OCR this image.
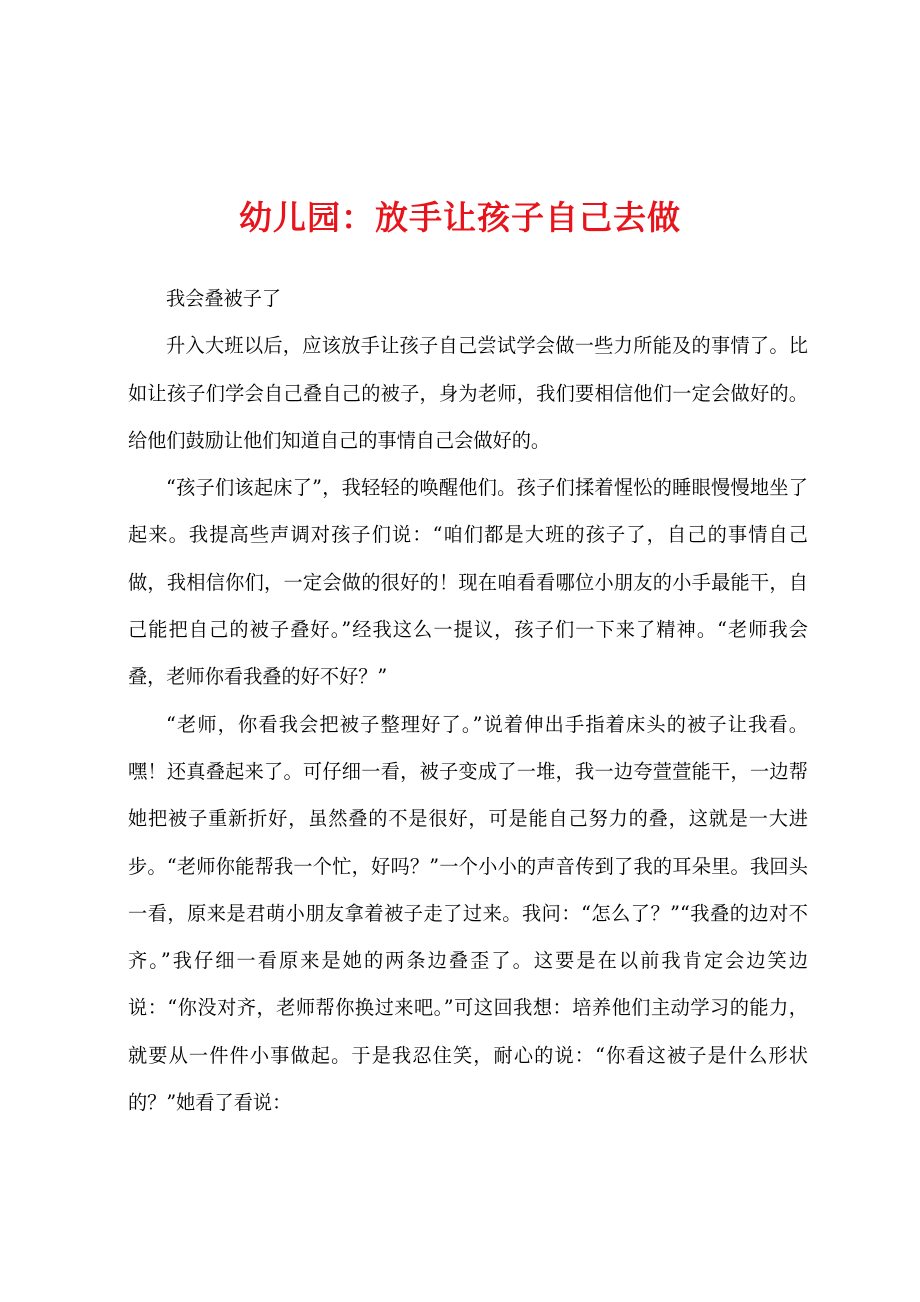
幼儿园：放手让孩子自己去做

我会叠被子了

升入大班以后，应该放手让孩子自己尝试学会做一些力所能及的事情了。比如让孩子们学会自己叠自己的被子，身为老师，我们要相信他们一定会做好的。给他们鼓励让他们知道自己的事情自己会做好的。

“孩子们该起床了”，我轻轻的唤醒他们。孩子们揉着惺忪的睡眼慢慢地坐了起来。我提高些声调对孩子们说：“咱们都是大班的孩子了，自己的事情自己做，我相信你们，一定会做的很好的！现在咱看看哪位小朋友的小手最能干，自己能把自己的被子叠好。”经我这么一提议，孩子们一下来了精神。“老师我会叠，老师你看我叠的好不好？”

“老师，你看我会把被子整理好了。”说着伸出手指着床头的被子让我看。嘿！还真叠起来了。可仔细一看，被子变成了一堆，我一边夸萱萱能干，一边帮她把被子重新折好，虽然叠的不是很好，可是能自己努力的叠，这就是一大进步。“老师你能帮我一个忙，好吗？”一个小小的声音传到了我的耳朵里。我回头一看，原来是君萌小朋友拿着被子走了过来。我问：“怎么了？”“我叠的边对不齐。”我仔细一看原来是她的两条边叠歪了。这要是在以前我肯定会边笑边说：“你没对齐，老师帮你换过来吧。”可这回我想：培养他们主动学习的能力，就要从一件件小事做起。于是我忍住笑，耐心的说：“你看这被子是什么形状的？”她看了看说：
